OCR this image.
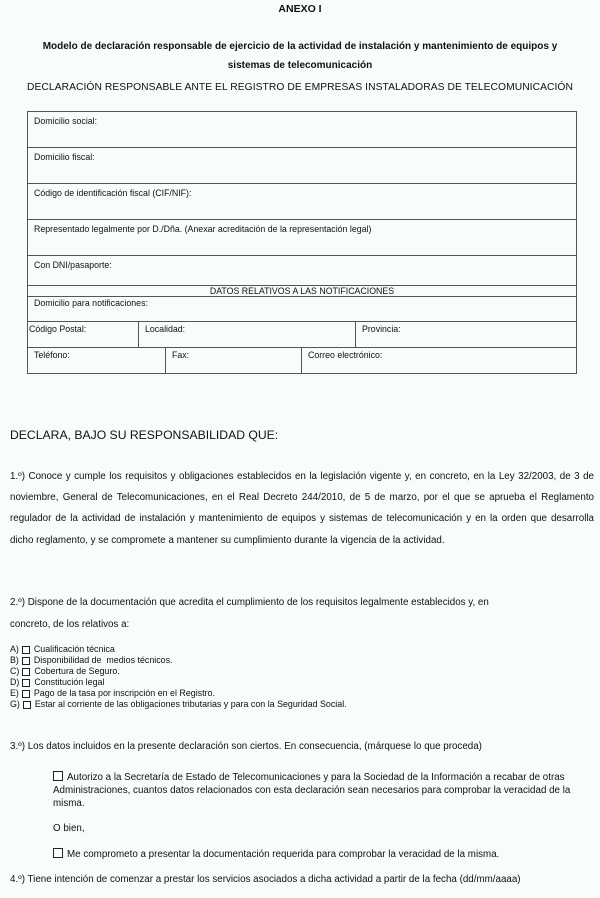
ANEXO I
Modelo de declaración responsable de ejercicio de la actividad de instalación y mantenimiento de equipos y sistemas de telecomunicación
DECLARACIÓN RESPONSABLE ANTE EL REGISTRO DE EMPRESAS INSTALADORAS DE TELECOMUNICACIÓN
Domicilio social:
Domicilio fiscal:
Código de identificación fiscal (CIF/NIF):
Representado legalmente por D./Dña. (Anexar acreditación de la representación legal)
Con DNI/pasaporte:
DATOS RELATIVOS A LAS NOTIFICACIONES
Domicilio para notificaciones:

Código Postal:	Localidad:	Provincia:

Teléfono:	Fax:	Correo electrónico:
DECLARA, BAJO SU RESPONSABILIDAD QUE:
1.º) Conoce y cumple los requisitos y obligaciones establecidos en la legislación vigente y, en concreto, en la Ley 32/2003, de 3 de noviembre, General de Telecomunicaciones, en el Real Decreto 244/2010, de 5 de marzo, por el que se aprueba el Reglamento regulador de la actividad de instalación y mantenimiento de equipos y sistemas de telecomunicación y en la orden que desarrolla dicho reglamento, y se compromete a mantener su cumplimiento durante la vigencia de la actividad.
2.º) Dispone de la documentación que acredita el cumplimiento de los requisitos legalmente establecidos y, en
concreto, de los relativos a:
A) Cualificación técnica
B) Disponibilidad de  medios técnicos.
C) Cobertura de Seguro.
D) Constitución legal
E) Pago de la tasa por inscripción en el Registro.
G) Estar al corriente de las obligaciones tributarias y para con la Seguridad Social.
3.º) Los datos incluidos en la presente declaración son ciertos. En consecuencia, (márquese lo que proceda)
Autorizo a la Secretaría de Estado de Telecomunicaciones y para la Sociedad de la Información a recabar de otras Administraciones, cuantos datos relacionados con esta declaración sean necesarios para comprobar la veracidad de la misma.
O bien,
Me comprometo a presentar la documentación requerida para comprobar la veracidad de la misma.
4.º) Tiene intención de comenzar a prestar los servicios asociados a dicha actividad a partir de la fecha (dd/mm/aaaa)
